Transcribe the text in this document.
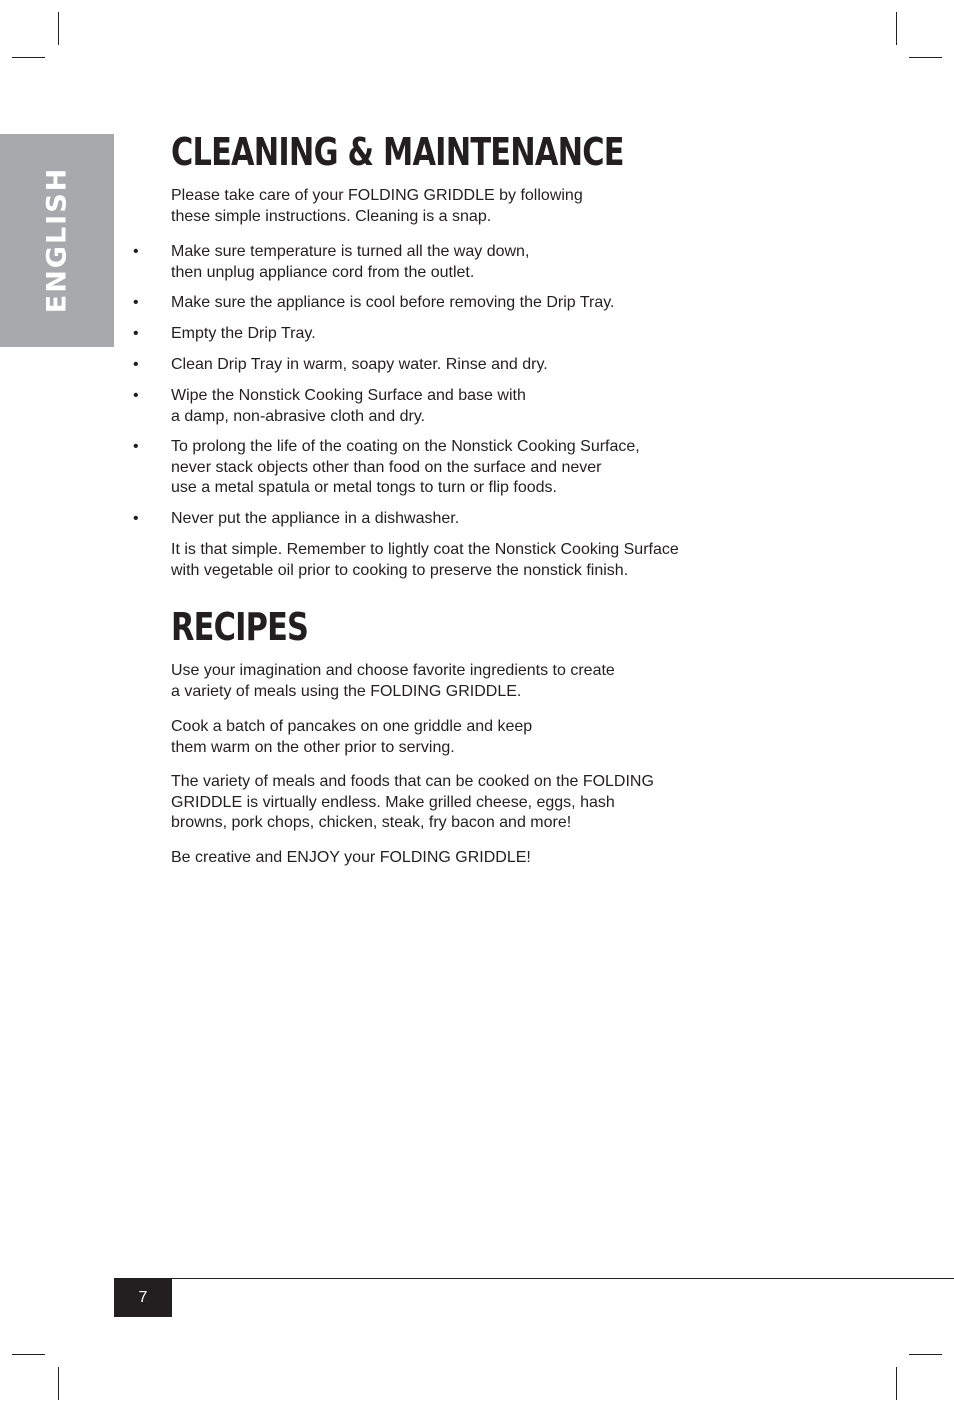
ENGLISH
CLEANING & MAINTENANCE

Please take care of your FOLDING GRIDDLE by following
these simple instructions. Cleaning is a snap.

• Make sure temperature is turned all the way down,
then unplug appliance cord from the outlet.

• Make sure the appliance is cool before removing the Drip Tray.

• Empty the Drip Tray.

• Clean Drip Tray in warm, soapy water. Rinse and dry.

• Wipe the Nonstick Cooking Surface and base with
a damp, non-abrasive cloth and dry.

• To prolong the life of the coating on the Nonstick Cooking Surface,
never stack objects other than food on the surface and never
use a metal spatula or metal tongs to turn or flip foods.

• Never put the appliance in a dishwasher.

It is that simple. Remember to lightly coat the Nonstick Cooking Surface
with vegetable oil prior to cooking to preserve the nonstick finish.

RECIPES

Use your imagination and choose favorite ingredients to create
a variety of meals using the FOLDING GRIDDLE.

Cook a batch of pancakes on one griddle and keep
them warm on the other prior to serving.

The variety of meals and foods that can be cooked on the FOLDING
GRIDDLE is virtually endless. Make grilled cheese, eggs, hash
browns, pork chops, chicken, steak, fry bacon and more!

Be creative and ENJOY your FOLDING GRIDDLE!

7
